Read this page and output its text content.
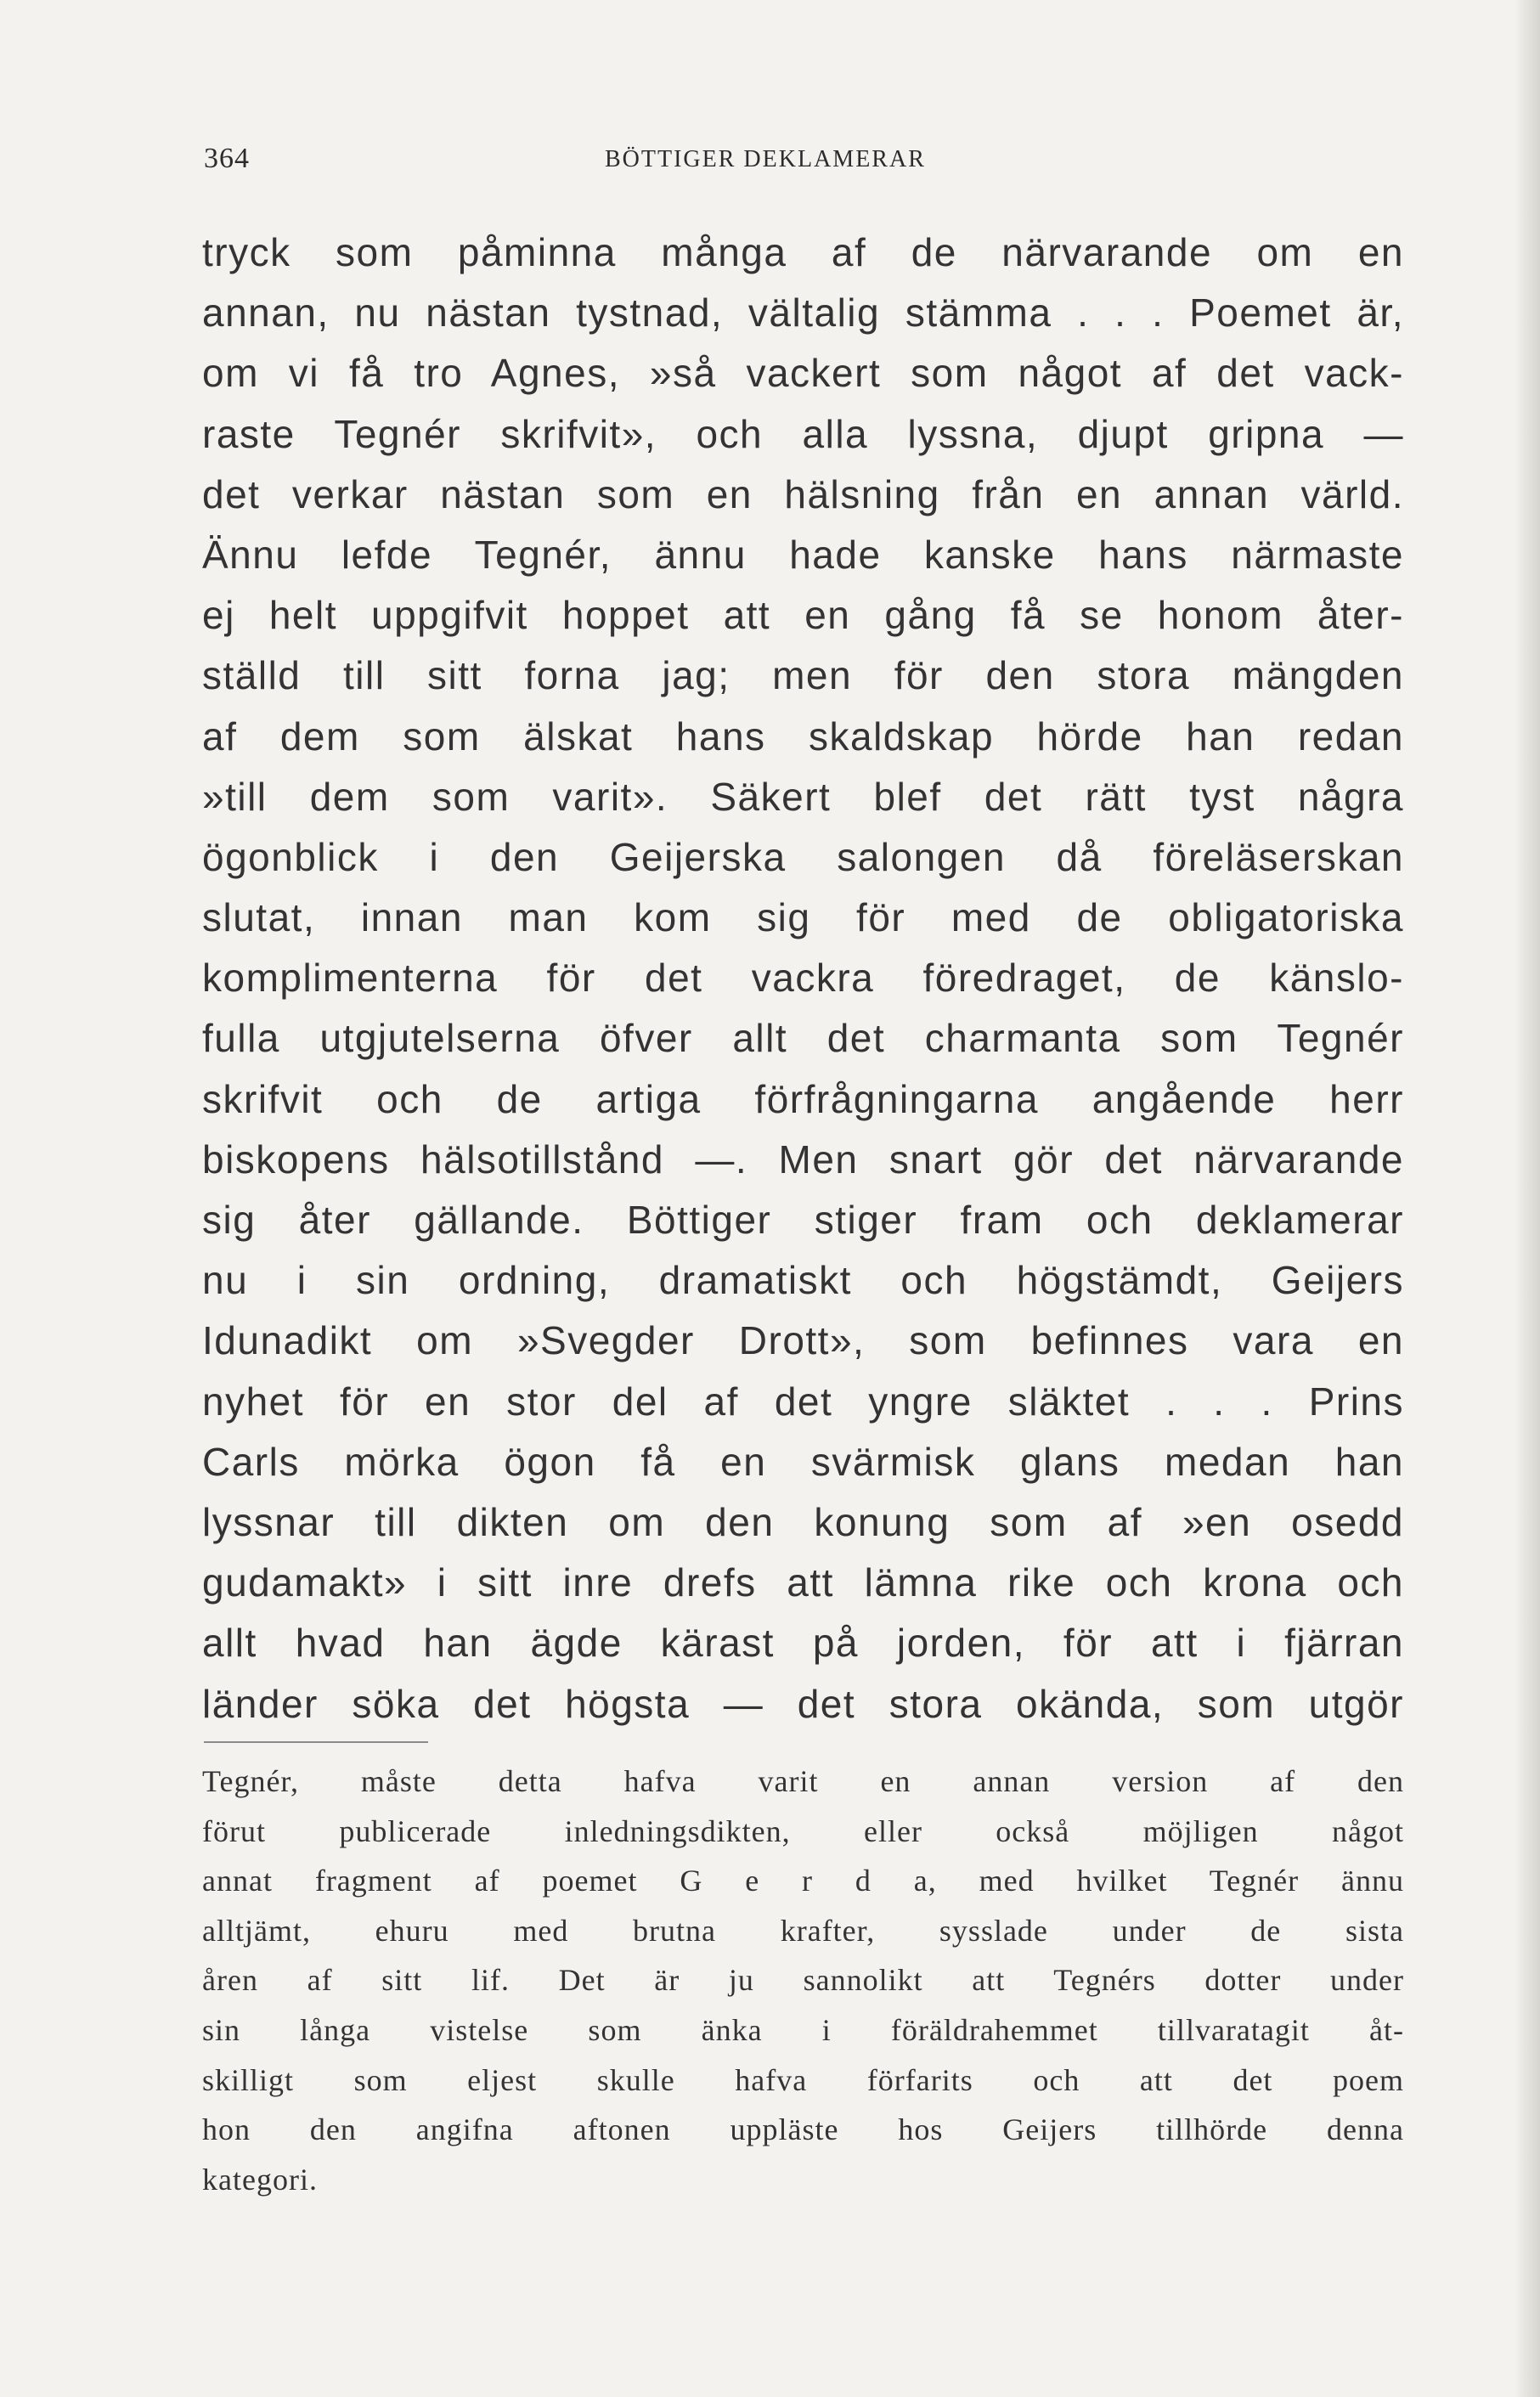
364	BÖTTIGER DEKLAMERAR
tryck som påminna många af de närvarande om en
annan, nu nästan tystnad, vältalig stämma . . . Poemet är,
om vi få tro Agnes, »så vackert som något af det vack-
raste Tegnér skrifvit», och alla lyssna, djupt gripna —
det verkar nästan som en hälsning från en annan värld.
Ännu lefde Tegnér, ännu hade kanske hans närmaste
ej helt uppgifvit hoppet att en gång få se honom åter-
ställd till sitt forna jag; men för den stora mängden
af dem som älskat hans skaldskap hörde han redan
»till dem som varit». Säkert blef det rätt tyst några
ögonblick i den Geijerska salongen då föreläserskan
slutat, innan man kom sig för med de obligatoriska
komplimenterna för det vackra föredraget, de känslo-
fulla utgjutelserna öfver allt det charmanta som Tegnér
skrifvit och de artiga förfrågningarna angående herr
biskopens hälsotillstånd —. Men snart gör det närvarande
sig åter gällande. Böttiger stiger fram och deklamerar
nu i sin ordning, dramatiskt och högstämdt, Geijers
Idunadikt om »Svegder Drott», som befinnes vara en
nyhet för en stor del af det yngre släktet . . . Prins
Carls mörka ögon få en svärmisk glans medan han
lyssnar till dikten om den konung som af »en osedd
gudamakt» i sitt inre drefs att lämna rike och krona och
allt hvad han ägde kärast på jorden, för att i fjärran
länder söka det högsta — det stora okända, som utgör
Tegnér, måste detta hafva varit en annan version af den
förut publicerade inledningsdikten, eller också möjligen något
annat fragment af poemet G e r d a, med hvilket Tegnér ännu
alltjämt, ehuru med brutna krafter, sysslade under de sista
åren af sitt lif. Det är ju sannolikt att Tegnérs dotter under
sin långa vistelse som änka i föräldrahemmet tillvaratagit åt-
skilligt som eljest skulle hafva förfarits och att det poem
hon den angifna aftonen uppläste hos Geijers tillhörde denna
kategori.
